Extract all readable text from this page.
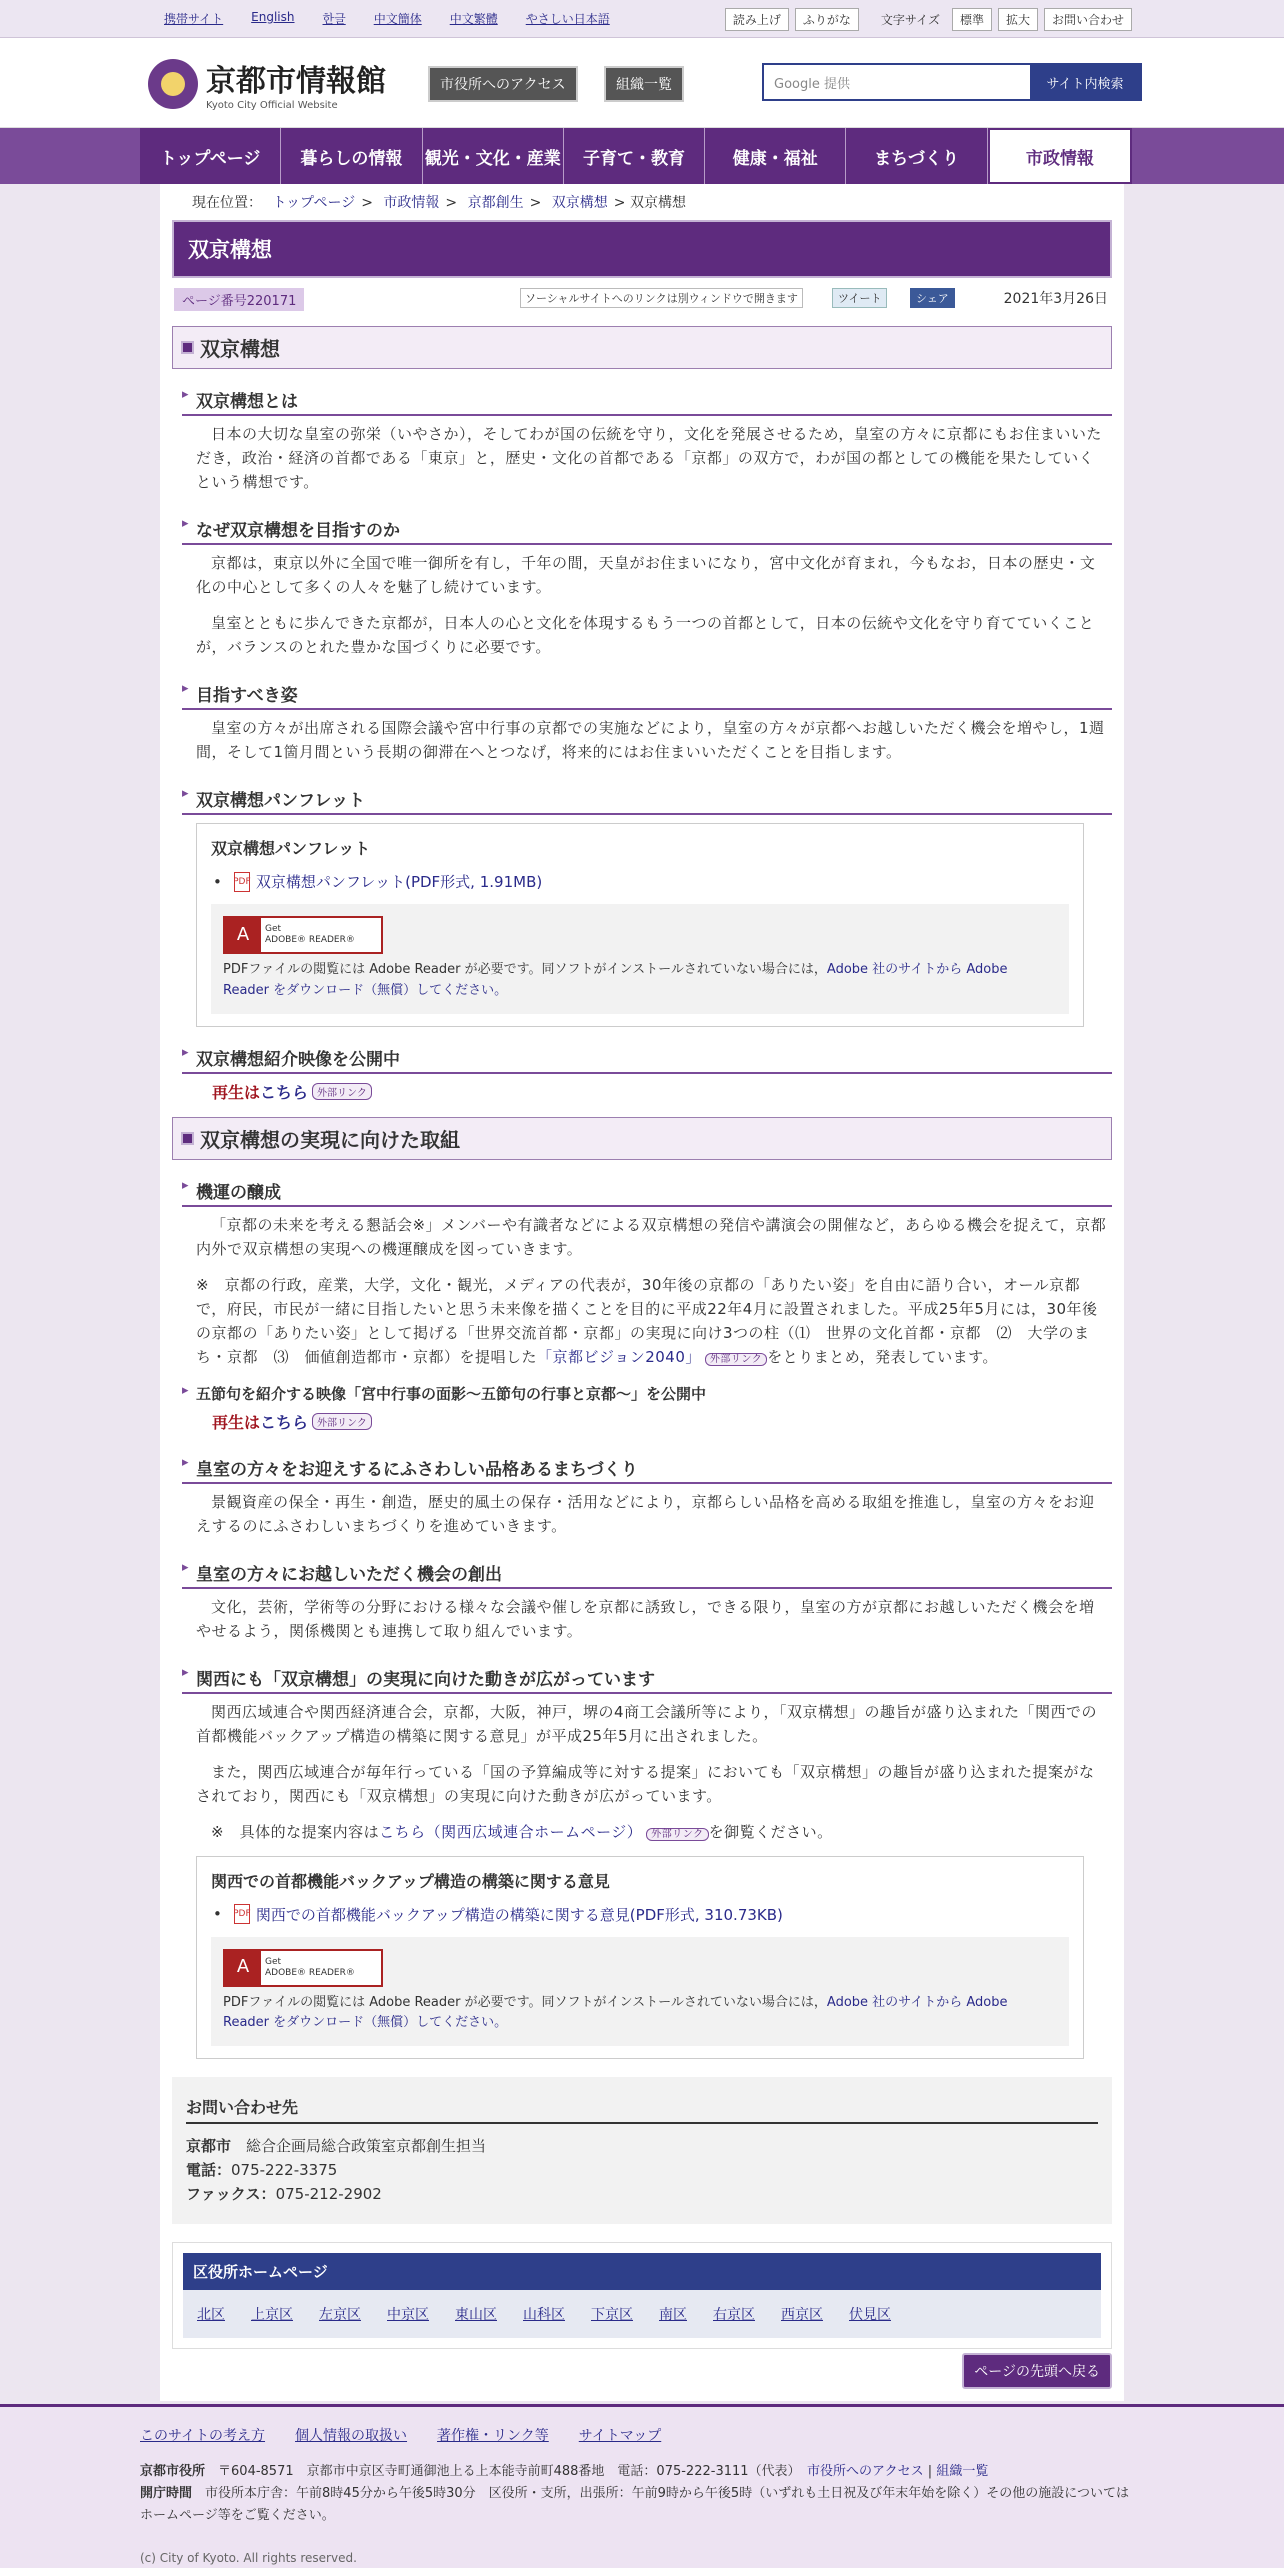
携帯サイト	English	한글	中文簡体	中文繁體	やさしい日本語	読み上げ	ふりがな	文字サイズ	標準	拡大	お問い合わせ
京都市情報館
Kyoto City Official Website
市役所へのアクセス	組織一覧	Google 提供	サイト内検索
トップページ	暮らしの情報	観光・文化・産業	子育て・教育	健康・福祉	まちづくり	市政情報
現在位置： トップページ > 市政情報 > 京都創生 > 双京構想 > 双京構想
双京構想
ページ番号220171	ソーシャルサイトへのリンクは別ウィンドウで開きます	ツイート	シェア	2021年3月26日
双京構想
▸ 双京構想とは

日本の大切な皇室の弥栄（いやさか），そしてわが国の伝統を守り，文化を発展させるため，皇室の方々に京都にもお住まいいただき，政治・経済の首都である「東京」と，歴史・文化の首都である「京都」の双方で，わが国の都としての機能を果たしていくという構想です。

▸ なぜ双京構想を目指すのか

京都は，東京以外に全国で唯一御所を有し，千年の間，天皇がお住まいになり，宮中文化が育まれ，今もなお，日本の歴史・文化の中心として多くの人々を魅了し続けています。

皇室とともに歩んできた京都が，日本人の心と文化を体現するもう一つの首都として，日本の伝統や文化を守り育てていくことが，バランスのとれた豊かな国づくりに必要です。

▸ 目指すべき姿

皇室の方々が出席される国際会議や宮中行事の京都での実施などにより，皇室の方々が京都へお越しいただく機会を増やし，1週間，そして1箇月間という長期の御滞在へとつなげ，将来的にはお住まいいただくことを目指します。

▸ 双京構想パンフレット
双京構想パンフレット
• PDF 双京構想パンフレット(PDF形式, 1.91MB)
A	Get
ADOBE® READER®
PDFファイルの閲覧には Adobe Reader が必要です。同ソフトがインストールされていない場合には，Adobe 社のサイトから Adobe Reader をダウンロード（無償）してください。
▸ 双京構想紹介映像を公開中
再生は こちら 外部リンク
双京構想の実現に向けた取組
▸ 機運の醸成

「京都の未来を考える懇話会※」メンバーや有識者などによる双京構想の発信や講演会の開催など，あらゆる機会を捉えて，京都内外で双京構想の実現への機運醸成を図っていきます。

※　京都の行政，産業，大学，文化・観光，メディアの代表が，30年後の京都の「ありたい姿」を自由に語り合い，オール京都で，府民，市民が一緒に目指したいと思う未来像を描くことを目的に平成22年4月に設置されました。平成25年5月には，30年後の京都の「ありたい姿」として掲げる「世界交流首都・京都」の実現に向け3つの柱（⑴　世界の文化首都・京都　⑵　大学のまち・京都　⑶　価値創造都市・京都）を提唱した「京都ビジョン2040」 外部リンク をとりまとめ，発表しています。

▸ 五節句を紹介する映像「宮中行事の面影～五節句の行事と京都～」を公開中
再生は こちら 外部リンク
▸ 皇室の方々をお迎えするにふさわしい品格あるまちづくり

景観資産の保全・再生・創造，歴史的風土の保存・活用などにより，京都らしい品格を高める取組を推進し，皇室の方々をお迎えするのにふさわしいまちづくりを進めていきます。

▸ 皇室の方々にお越しいただく機会の創出

文化，芸術，学術等の分野における様々な会議や催しを京都に誘致し，できる限り，皇室の方が京都にお越しいただく機会を増やせるよう，関係機関とも連携して取り組んでいます。

▸ 関西にも「双京構想」の実現に向けた動きが広がっています

関西広域連合や関西経済連合会，京都，大阪，神戸，堺の4商工会議所等により，「双京構想」の趣旨が盛り込まれた「関西での首都機能バックアップ構造の構築に関する意見」が平成25年5月に出されました。

また，関西広域連合が毎年行っている「国の予算編成等に対する提案」においても「双京構想」の趣旨が盛り込まれた提案がなされており，関西にも「双京構想」の実現に向けた動きが広がっています。

※　具体的な提案内容はこちら（関西広域連合ホームページ） 外部リンク を御覧ください。

関西での首都機能バックアップ構造の構築に関する意見
• PDF 関西での首都機能バックアップ構造の構築に関する意見(PDF形式, 310.73KB)
A	Get
ADOBE® READER®
PDFファイルの閲覧には Adobe Reader が必要です。同ソフトがインストールされていない場合には，Adobe 社のサイトから Adobe Reader をダウンロード（無償）してください。
お問い合わせ先
京都市　 総合企画局総合政策室京都創生担当
電話：075-222-3375
ファックス：075-212-2902
区役所ホームページ
北区 上京区 左京区 中京区 東山区 山科区 下京区 南区 右京区 西京区 伏見区
ページの先頭へ戻る
このサイトの考え方 個人情報の取扱い 著作権・リンク等 サイトマップ
京都市役所　 〒604-8571　京都市中京区寺町通御池上る上本能寺前町488番地　電話：075-222-3111（代表）　 市役所へのアクセス | 組織一覧
開庁時間　 市役所本庁舎：午前8時45分から午後5時30分　区役所・支所，出張所：午前9時から午後5時（いずれも土日祝及び年末年始を除く）その他の施設についてはホームページ等をご覧ください。
(c) City of Kyoto. All rights reserved.
